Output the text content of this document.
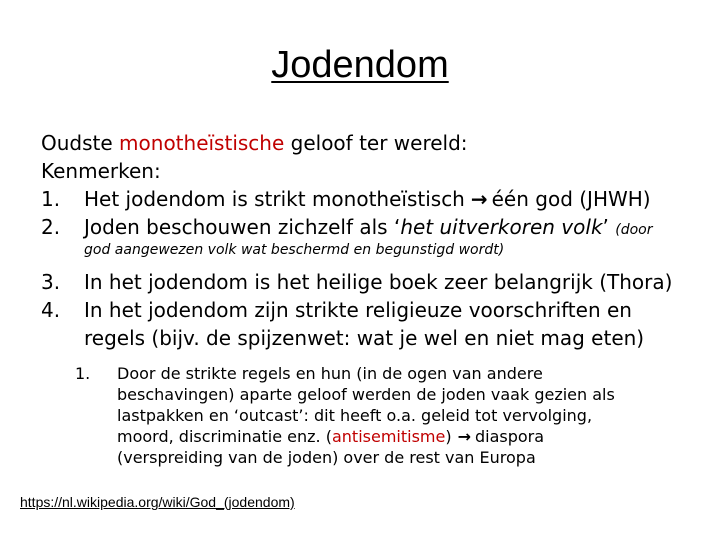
Jodendom
Oudste monotheïstische geloof ter wereld:
Kenmerken:
1. Het jodendom is strikt monotheïstisch → één god (JHWH)
2. Joden beschouwen zichzelf als ‘het uitverkoren volk’ (door
god aangewezen volk wat beschermd en begunstigd wordt)
3. In het jodendom is het heilige boek zeer belangrijk (Thora)
4. In het jodendom zijn strikte religieuze voorschriften en
regels (bijv. de spijzenwet: wat je wel en niet mag eten)
1. Door de strikte regels en hun (in de ogen van andere
beschavingen) aparte geloof werden de joden vaak gezien als
lastpakken en ‘outcast’: dit heeft o.a. geleid tot vervolging,
moord, discriminatie enz. (antisemitisme) → diaspora
(verspreiding van de joden) over de rest van Europa
https://nl.wikipedia.org/wiki/God_(jodendom)
